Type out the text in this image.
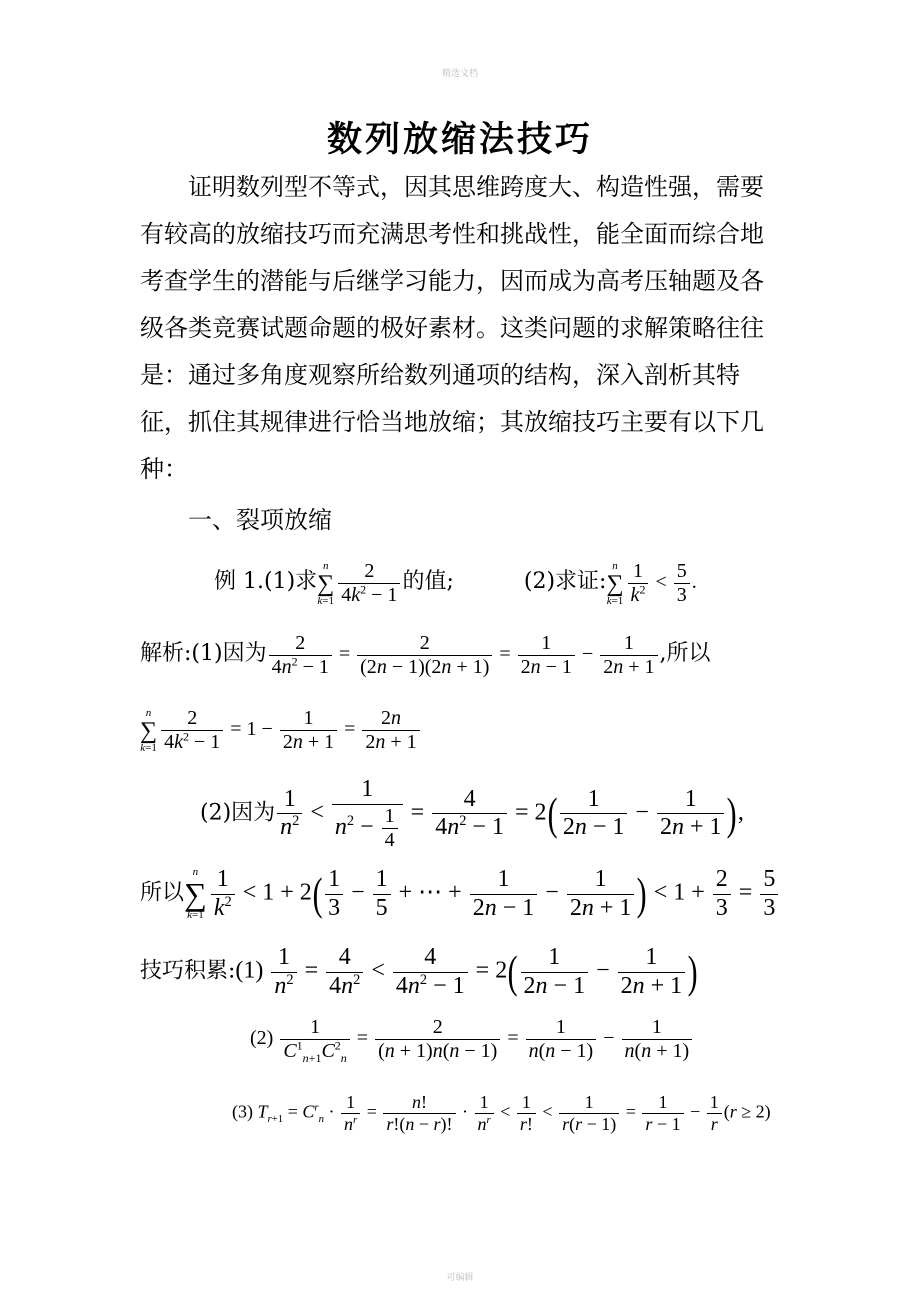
精选文档
数列放缩法技巧

证明数列型不等式，因其思维跨度大、构造性强，需要有较高的放缩技巧而充满思考性和挑战性，能全面而综合地考查学生的潜能与后继学习能力，因而成为高考压轴题及各级各类竞赛试题命题的极好素材。这类问题的求解策略往往是：通过多角度观察所给数列通项的结构，深入剖析其特征，抓住其规律进行恰当地放缩；其放缩技巧主要有以下几种：

一、裂项放缩
例 1.(1)求n
∑
$k=1 \frac{2}{4k^2 - 1}$ 的值;	(2)求证:n
∑
$k=1 \frac{1}{k^2} < \frac{5}{3}$ .
解析:(1)因为 $\frac{2}{4n^2 - 1} = \frac{2}{(2n - 1)(2n + 1)} = \frac{1}{2n - 1} - \frac{1}{2n + 1}$ ,所以
n
∑
$k=1 \frac{2}{4k^2 - 1} = 1 - \frac{1}{2n + 1} = \frac{2n}{2n + 1}$
(2)因为 $\frac{1}{n^2} < \frac{1}{n^2 - \frac{1}{4}} = \frac{4}{4n^2 - 1} = 2( \frac{1}{2n - 1} - \frac{1}{2n + 1}$ ),
所以n
∑
$k=1 \frac{1}{k^2} < 1 + 2( \frac{1}{3} - \frac{1}{5}$ + ⋯ + $\frac{1}{2n - 1} - \frac{1}{2n + 1}$ ) < $1 + \frac{2}{3} = \frac{5}{3}$
技巧积累:(1) $\frac{1}{n^2} = \frac{4}{4n^2} < \frac{4}{4n^2 - 1} = 2( \frac{1}{2n - 1} - \frac{1}{2n + 1}$ )
$(2) \frac{1}{C^1_{n+1}C^2_n} = \frac{2}{(n + 1)n(n - 1)} = \frac{1}{n(n - 1)} - \frac{1}{n(n + 1)}$
(3) $T_{r+1} = C^r_n \cdot \frac{1}{n^r} = \frac{n!}{r!(n - r)!} \cdot \frac{1}{n^r} < \frac{1}{r!} < \frac{1}{r(r - 1)} = \frac{1}{r - 1} - \frac{1}{r} (r \ge 2)$
可编辑
